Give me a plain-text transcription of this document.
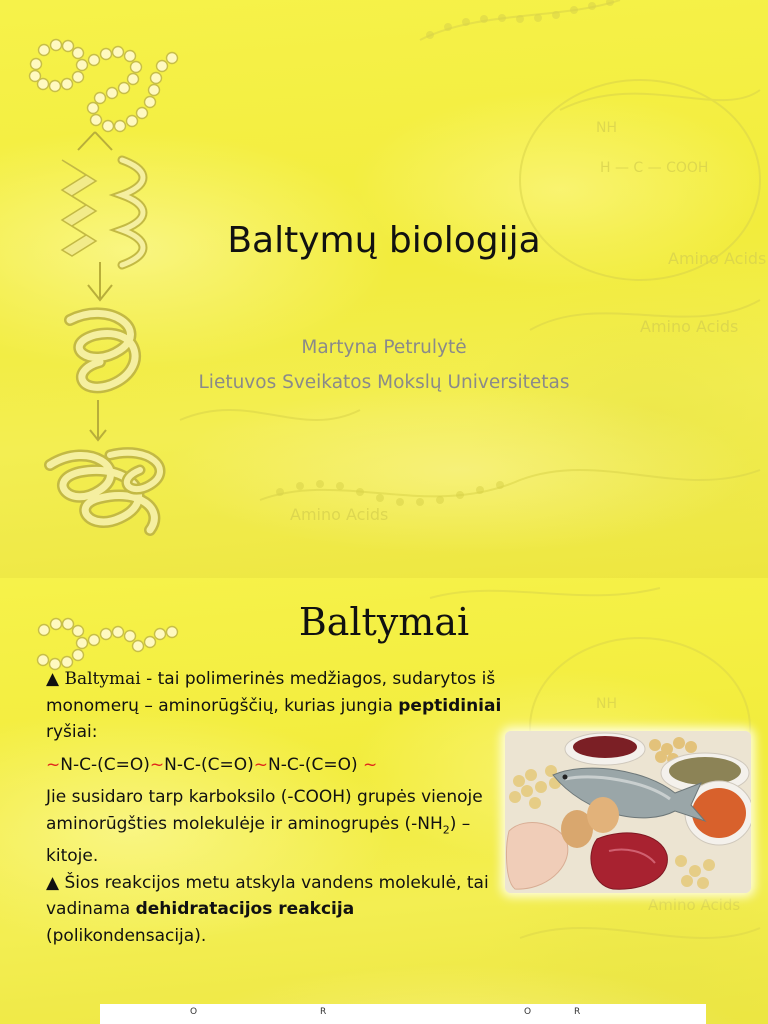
Amino Acids
Amino Acids
Amino Acids
NH
H — C — COOH
Baltymų biologija
Martyna Petrulytė
Lietuvos Sveikatos Mokslų Universitetas
NH
Amino Acids
Baltymai

▲ Baltymai - tai polimerinės medžiagos, sudarytos iš monomerų – aminorūgščių, kurias jungia peptidiniai ryšiai:

~N-C-(C=O)~N-C-(C=O)~N-C-(C=O) ~

Jie susidaro tarp karboksilo (-COOH) grupės vienoje aminorūgšties molekulėje ir aminogrupės $(-NH_2)$ – kitoje.

▲ Šios reakcijos metu atskyla vandens molekulė, tai vadinama dehidratacijos reakcija (polikondensacija).

O	R	O	R
